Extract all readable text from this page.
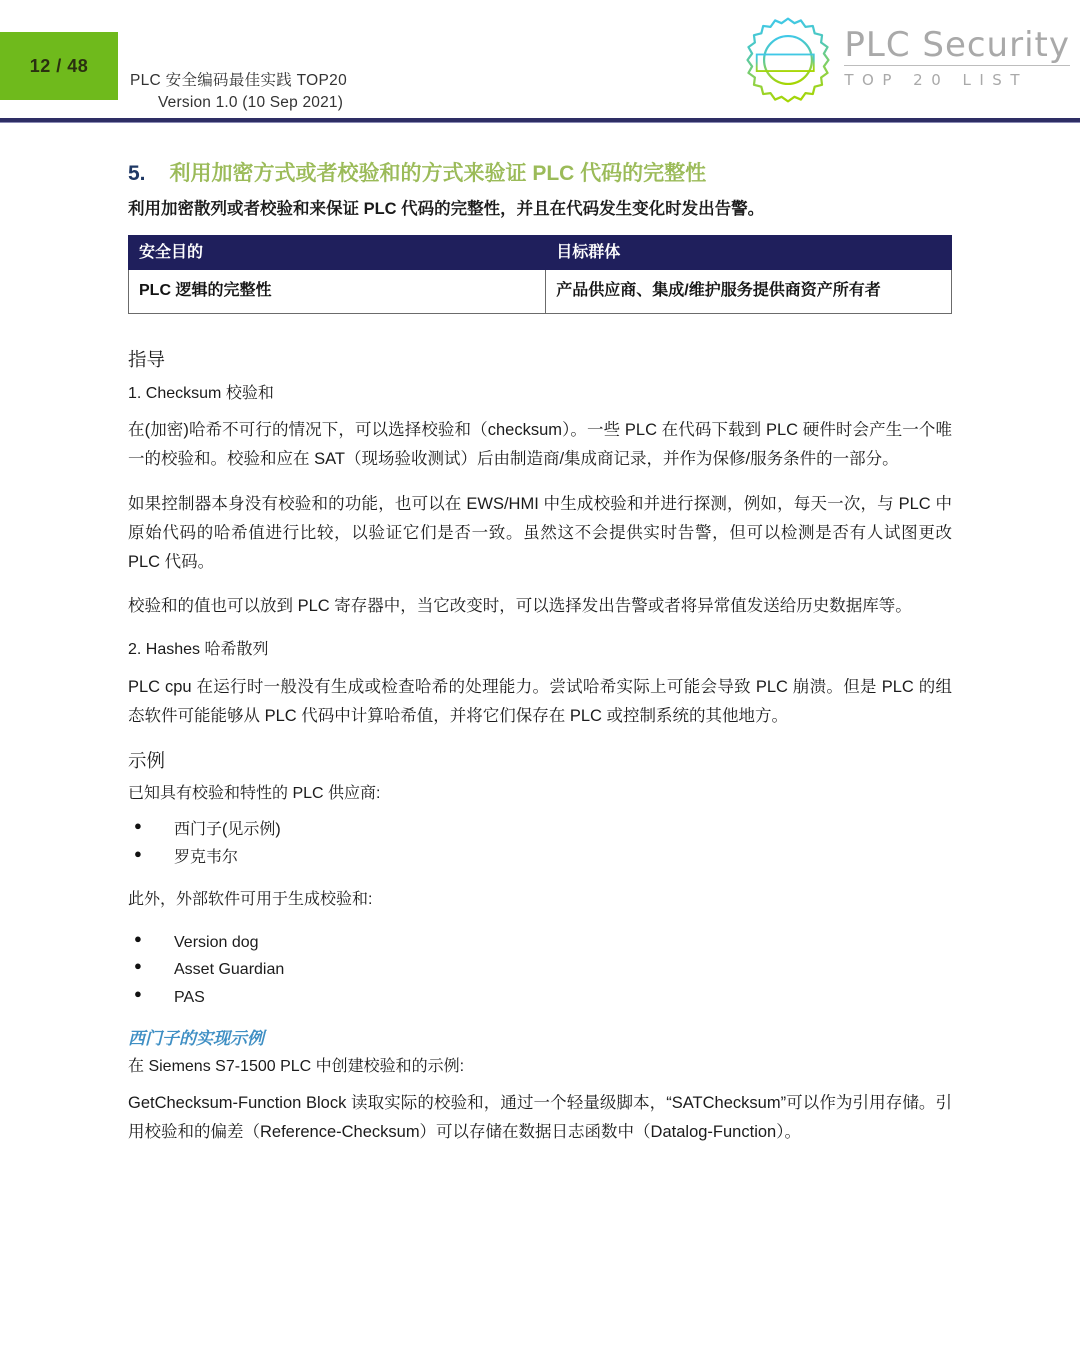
12 / 48
PLC 安全编码最佳实践 TOP20
Version 1.0 (10 Sep 2021)
PLC Security
TOP 20 LIST
5.	利用加密方式或者校验和的方式来验证 PLC 代码的完整性

利用加密散列或者校验和来保证 PLC 代码的完整性，并且在代码发生变化时发出告警。

安全目的	目标群体
PLC 逻辑的完整性	产品供应商、集成/维护服务提供商资产所有者
指导
1. Checksum 校验和

在(加密)哈希不可行的情况下，可以选择校验和（checksum）。一些 PLC 在代码下载到 PLC 硬件时会产生一个唯一的校验和。校验和应在 SAT（现场验收测试）后由制造商/集成商记录，并作为保修/服务条件的一部分。

如果控制器本身没有校验和的功能，也可以在 EWS/HMI 中生成校验和并进行探测，例如，每天一次，与 PLC 中原始代码的哈希值进行比较，以验证它们是否一致。虽然这不会提供实时告警，但可以检测是否有人试图更改 PLC 代码。

校验和的值也可以放到 PLC 寄存器中，当它改变时，可以选择发出告警或者将异常值发送给历史数据库等。

2. Hashes 哈希散列

PLC cpu 在运行时一般没有生成或检查哈希的处理能力。尝试哈希实际上可能会导致 PLC 崩溃。但是 PLC 的组态软件可能能够从 PLC 代码中计算哈希值，并将它们保存在 PLC 或控制系统的其他地方。

示例
已知具有校验和特性的 PLC 供应商:
● 西门子(见示例)
● 罗克韦尔
此外，外部软件可用于生成校验和:
● Version dog
● Asset Guardian
● PAS
西门子的实现示例
在 Siemens S7-1500 PLC 中创建校验和的示例:

GetChecksum-Function Block 读取实际的校验和，通过一个轻量级脚本，“SATChecksum”可以作为引用存储。引用校验和的偏差（Reference-Checksum）可以存储在数据日志函数中（Datalog-Function）。
